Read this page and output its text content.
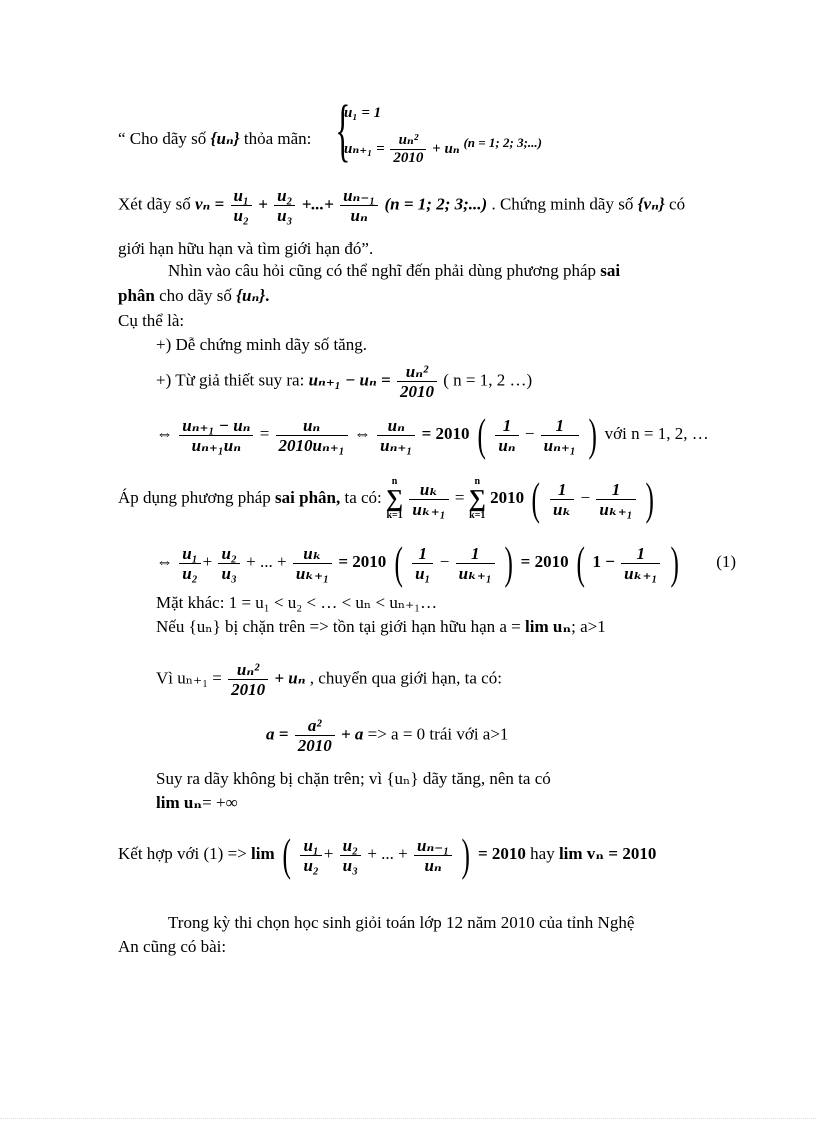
“ Cho dãy số {uₙ} thỏa mãn: {
u₁ = 1
$u_{n+1} = \frac{\text{uₙ²}}{2010} + u_n$ (n = 1; 2; 3;...)
Xét dãy số $v_n = \frac{\text{u₁}}{\text{u₂}} + \frac{\text{u₂}}{\text{u₃}}$ +...+ $\frac{\text{uₙ₋₁}}{\text{uₙ}} (n = 1$; 2; 3;...) . Chứng minh dãy số {vₙ} có
giới hạn hữu hạn và tìm giới hạn đó”.
Nhìn vào câu hỏi cũng có thể nghĩ đến phải dùng phương pháp sai
phân cho dãy số {uₙ}.
Cụ thể là:
+) Dễ chứng minh dãy số tăng.
+) Từ giả thiết suy ra: $u_{n+1} - u_n = \frac{\text{uₙ²}}{2010}$ ( n = 1, 2 …)
⇔ $\frac{\text{uₙ₊₁ − uₙ}}{\text{uₙ₊₁uₙ}} = \frac{\text{uₙ}}{\text{2010uₙ₊₁}}$ ⇔ $\frac{\text{uₙ}}{\text{uₙ₊₁}} = 2010$ ( $\frac{1}{\text{uₙ}} - \frac{1}{\text{uₙ₊₁}}$ ) với n = 1, 2, …
Áp dụng phương pháp sai phân, ta có:
n
∑
k=1
$\frac{\text{uₖ}}{\text{uₖ₊₁}}$ =
n
∑
k=1
2010 ( $\frac{1}{\text{uₖ}} - \frac{1}{\text{uₖ₊₁}}$ )
⇔ $\frac{\text{u₁}}{\text{u₂}} + \frac{\text{u₂}}{\text{u₃}}$ + ... + $\frac{\text{uₖ}}{\text{uₖ₊₁}} = 2010$ ( $\frac{1}{\text{u₁}} - \frac{1}{\text{uₖ₊₁}}$ ) = 2010 ( $1 - \frac{1}{\text{uₖ₊₁}}$ ) (1)
Mặt khác: 1 = u₁ < u₂ < … < uₙ < uₙ₊₁…
Nếu {uₙ} bị chặn trên => tồn tại giới hạn hữu hạn a = lim uₙ; a>1
Vì $u_{n+1} = \frac{\text{uₙ²}}{2010} + u_n$ , chuyển qua giới hạn, ta có:
$a = \frac{\text{a²}}{2010} + a => a = 0$ trái với a>1
Suy ra dãy không bị chặn trên; vì {uₙ} dãy tăng, nên ta có
lim uₙ= +∞
Kết hợp với (1) => lim ( $\frac{\text{u₁}}{\text{u₂}} + \frac{\text{u₂}}{\text{u₃}}$ + ... + $\frac{\text{uₙ₋₁}}{\text{uₙ}}$ ) = 2010 hay lim vₙ = 2010
Trong kỳ thi chọn học sinh giỏi toán lớp 12 năm 2010 của tỉnh Nghệ
An cũng có bài:
